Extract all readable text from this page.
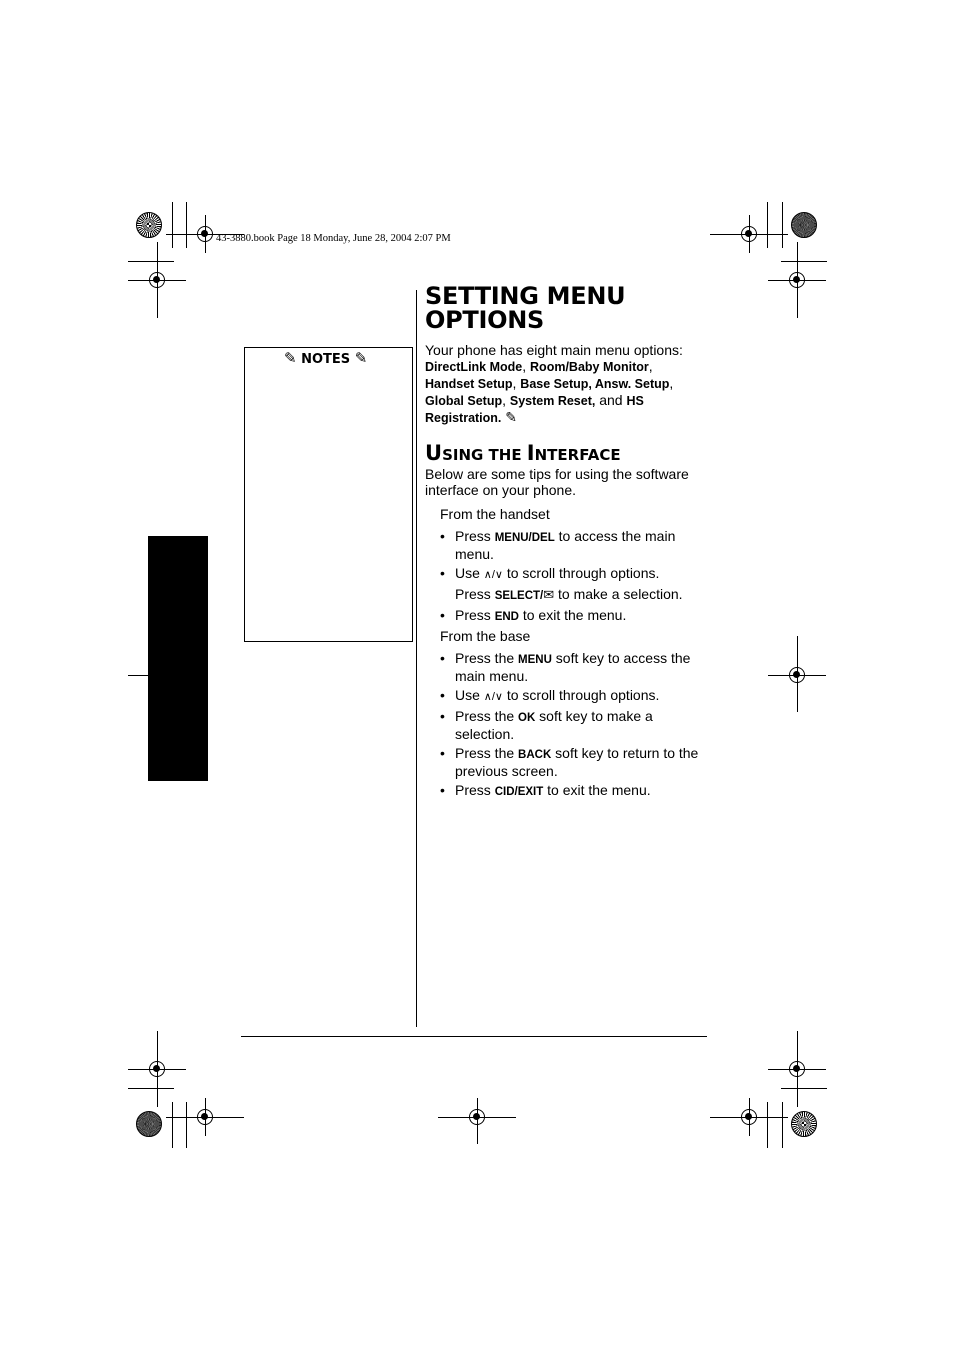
43-3880.book Page 18 Monday, June 28, 2004 2:07 PM
SETTING MENU
OPTIONS
✎ NOTES ✎	Your phone has eight main menu options:
DirectLink Mode, Room/Baby Monitor,
Handset Setup, Base Setup, Answ. Setup,
Global Setup, System Reset, and HS
Registration. ✎
USING THE INTERFACE
Below are some tips for using the software interface on your phone.
From the handset
• Press MENU/DEL to access the main menu.
• Use ∧/∨ to scroll through options.
Press SELECT/✉ to make a selection.
• Press END to exit the menu.
From the base
• Press the MENU soft key to access the main menu.
• Use ∧/∨ to scroll through options.
• Press the OK soft key to make a selection.
• Press the BACK soft key to return to the previous screen.
• Press CID/EXIT to exit the menu.
